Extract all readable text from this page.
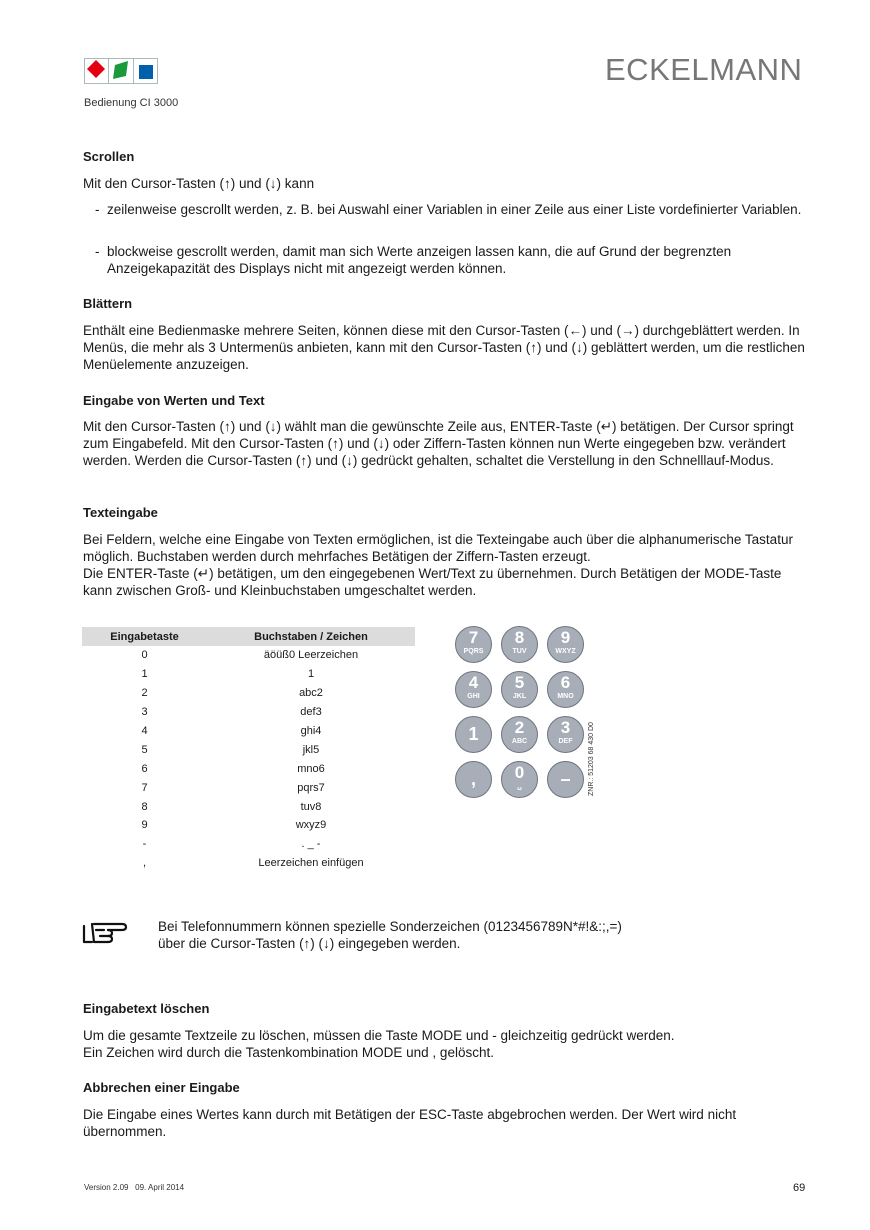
Bedienung CI 3000
ECKELMANN
Scrollen
Mit den Cursor-Tasten (↑) und (↓) kann
- zeilenweise gescrollt werden, z. B. bei Auswahl einer Variablen in einer Zeile aus einer Liste vordefinierter Variablen.
- blockweise gescrollt werden, damit man sich Werte anzeigen lassen kann, die auf Grund der begrenzten Anzeigekapazität des Displays nicht mit angezeigt werden können.
Blättern
Enthält eine Bedienmaske mehrere Seiten, können diese mit den Cursor-Tasten (←) und (→) durchgeblättert werden. In Menüs, die mehr als 3 Untermenüs anbieten, kann mit den Cursor-Tasten (↑) und (↓) geblättert werden, um die restlichen Menüelemente anzuzeigen.
Eingabe von Werten und Text
Mit den Cursor-Tasten (↑) und (↓) wählt man die gewünschte Zeile aus, ENTER-Taste (↵) betätigen. Der Cursor springt zum Eingabefeld. Mit den Cursor-Tasten (↑) und (↓) oder Ziffern-Tasten können nun Werte eingegeben bzw. verändert werden. Werden die Cursor-Tasten (↑) und (↓) gedrückt gehalten, schaltet die Verstellung in den Schnelllauf-Modus.
Texteingabe
Bei Feldern, welche eine Eingabe von Texten ermöglichen, ist die Texteingabe auch über die alphanumerische Tastatur möglich. Buchstaben werden durch mehrfaches Betätigen der Ziffern-Tasten erzeugt.
Die ENTER-Taste (↵) betätigen, um den eingegebenen Wert/Text zu übernehmen. Durch Betätigen der MODE-Taste kann zwischen Groß- und Kleinbuchstaben umgeschaltet werden.
Eingabetaste	Buchstaben / Zeichen
0	äöüß0 Leerzeichen
1	1
2	abc2
3	def3
4	ghi4
5	jkl5
6	mno6
7	pqrs7
8	tuv8
9	wxyz9
-	. _ -
,	Leerzeichen einfügen
7
PQRS
8
TUV
9
WXYZ
4
GHI
5
JKL
6
MNO
1	2
ABC
3
DEF
,	0
␣	–	ZNR.: 51203 68 430 D0
Bei Telefonnummern können spezielle Sonderzeichen (0123456789N*#!&:;,=)
über die Cursor-Tasten (↑) (↓) eingegeben werden.
Eingabetext löschen
Um die gesamte Textzeile zu löschen, müssen die Taste MODE und - gleichzeitig gedrückt werden.
Ein Zeichen wird durch die Tastenkombination MODE und , gelöscht.
Abbrechen einer Eingabe
Die Eingabe eines Wertes kann durch mit Betätigen der ESC-Taste abgebrochen werden. Der Wert wird nicht übernommen.
Version 2.09   09. April 2014	69
